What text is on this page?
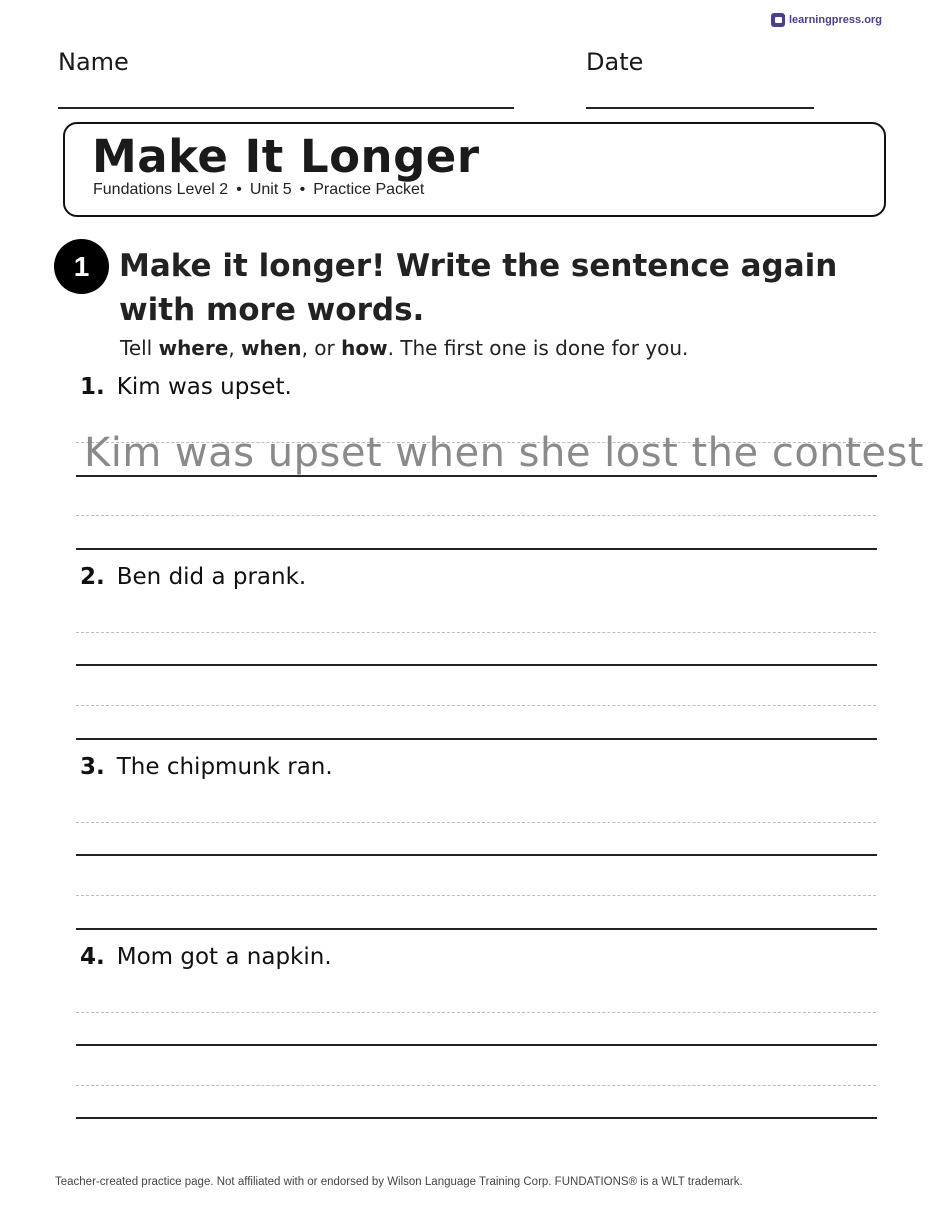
learningpress.org
Name	Date
Make It Longer
Fundations Level 2 • Unit 5 • Practice Packet
1 Make it longer! Write the sentence again with more words.
Tell where, when, or how. The first one is done for you.
1. Kim was upset.
Kim was upset when she lost the contest
2. Ben did a prank.
3. The chipmunk ran.
4. Mom got a napkin.
Teacher-created practice page. Not affiliated with or endorsed by Wilson Language Training Corp. FUNDATIONS® is a WLT trademark.
